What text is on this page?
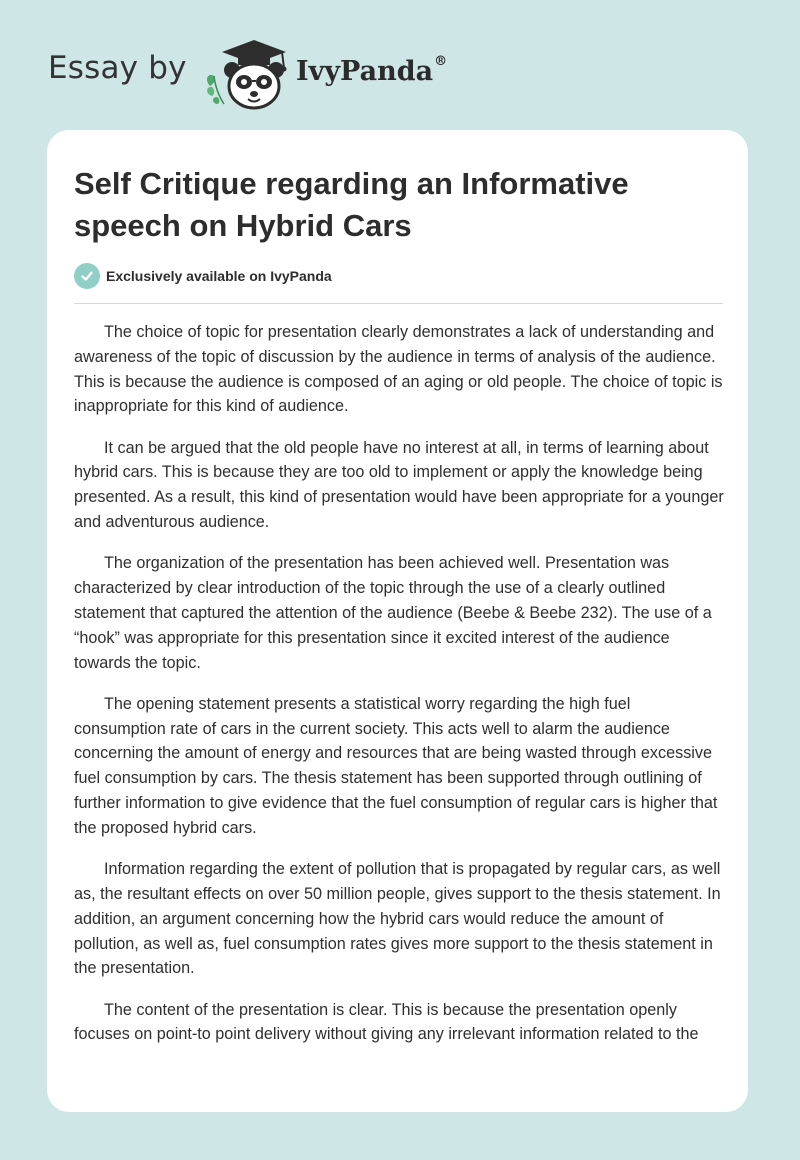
Essay by	IvyPanda®
Self Critique regarding an Informative speech on Hybrid Cars
Exclusively available on IvyPanda

The choice of topic for presentation clearly demonstrates a lack of understanding and awareness of the topic of discussion by the audience in terms of analysis of the audience. This is because the audience is composed of an aging or old people. The choice of topic is inappropriate for this kind of audience.

It can be argued that the old people have no interest at all, in terms of learning about hybrid cars. This is because they are too old to implement or apply the knowledge being presented. As a result, this kind of presentation would have been appropriate for a younger and adventurous audience.

The organization of the presentation has been achieved well. Presentation was characterized by clear introduction of the topic through the use of a clearly outlined statement that captured the attention of the audience (Beebe & Beebe 232). The use of a “hook” was appropriate for this presentation since it excited interest of the audience towards the topic.

The opening statement presents a statistical worry regarding the high fuel consumption rate of cars in the current society. This acts well to alarm the audience concerning the amount of energy and resources that are being wasted through excessive fuel consumption by cars. The thesis statement has been supported through outlining of further information to give evidence that the fuel consumption of regular cars is higher that the proposed hybrid cars.

Information regarding the extent of pollution that is propagated by regular cars, as well as, the resultant effects on over 50 million people, gives support to the thesis statement. In addition, an argument concerning how the hybrid cars would reduce the amount of pollution, as well as, fuel consumption rates gives more support to the thesis statement in the presentation.

The content of the presentation is clear. This is because the presentation openly focuses on point-to point delivery without giving any irrelevant information related to the
